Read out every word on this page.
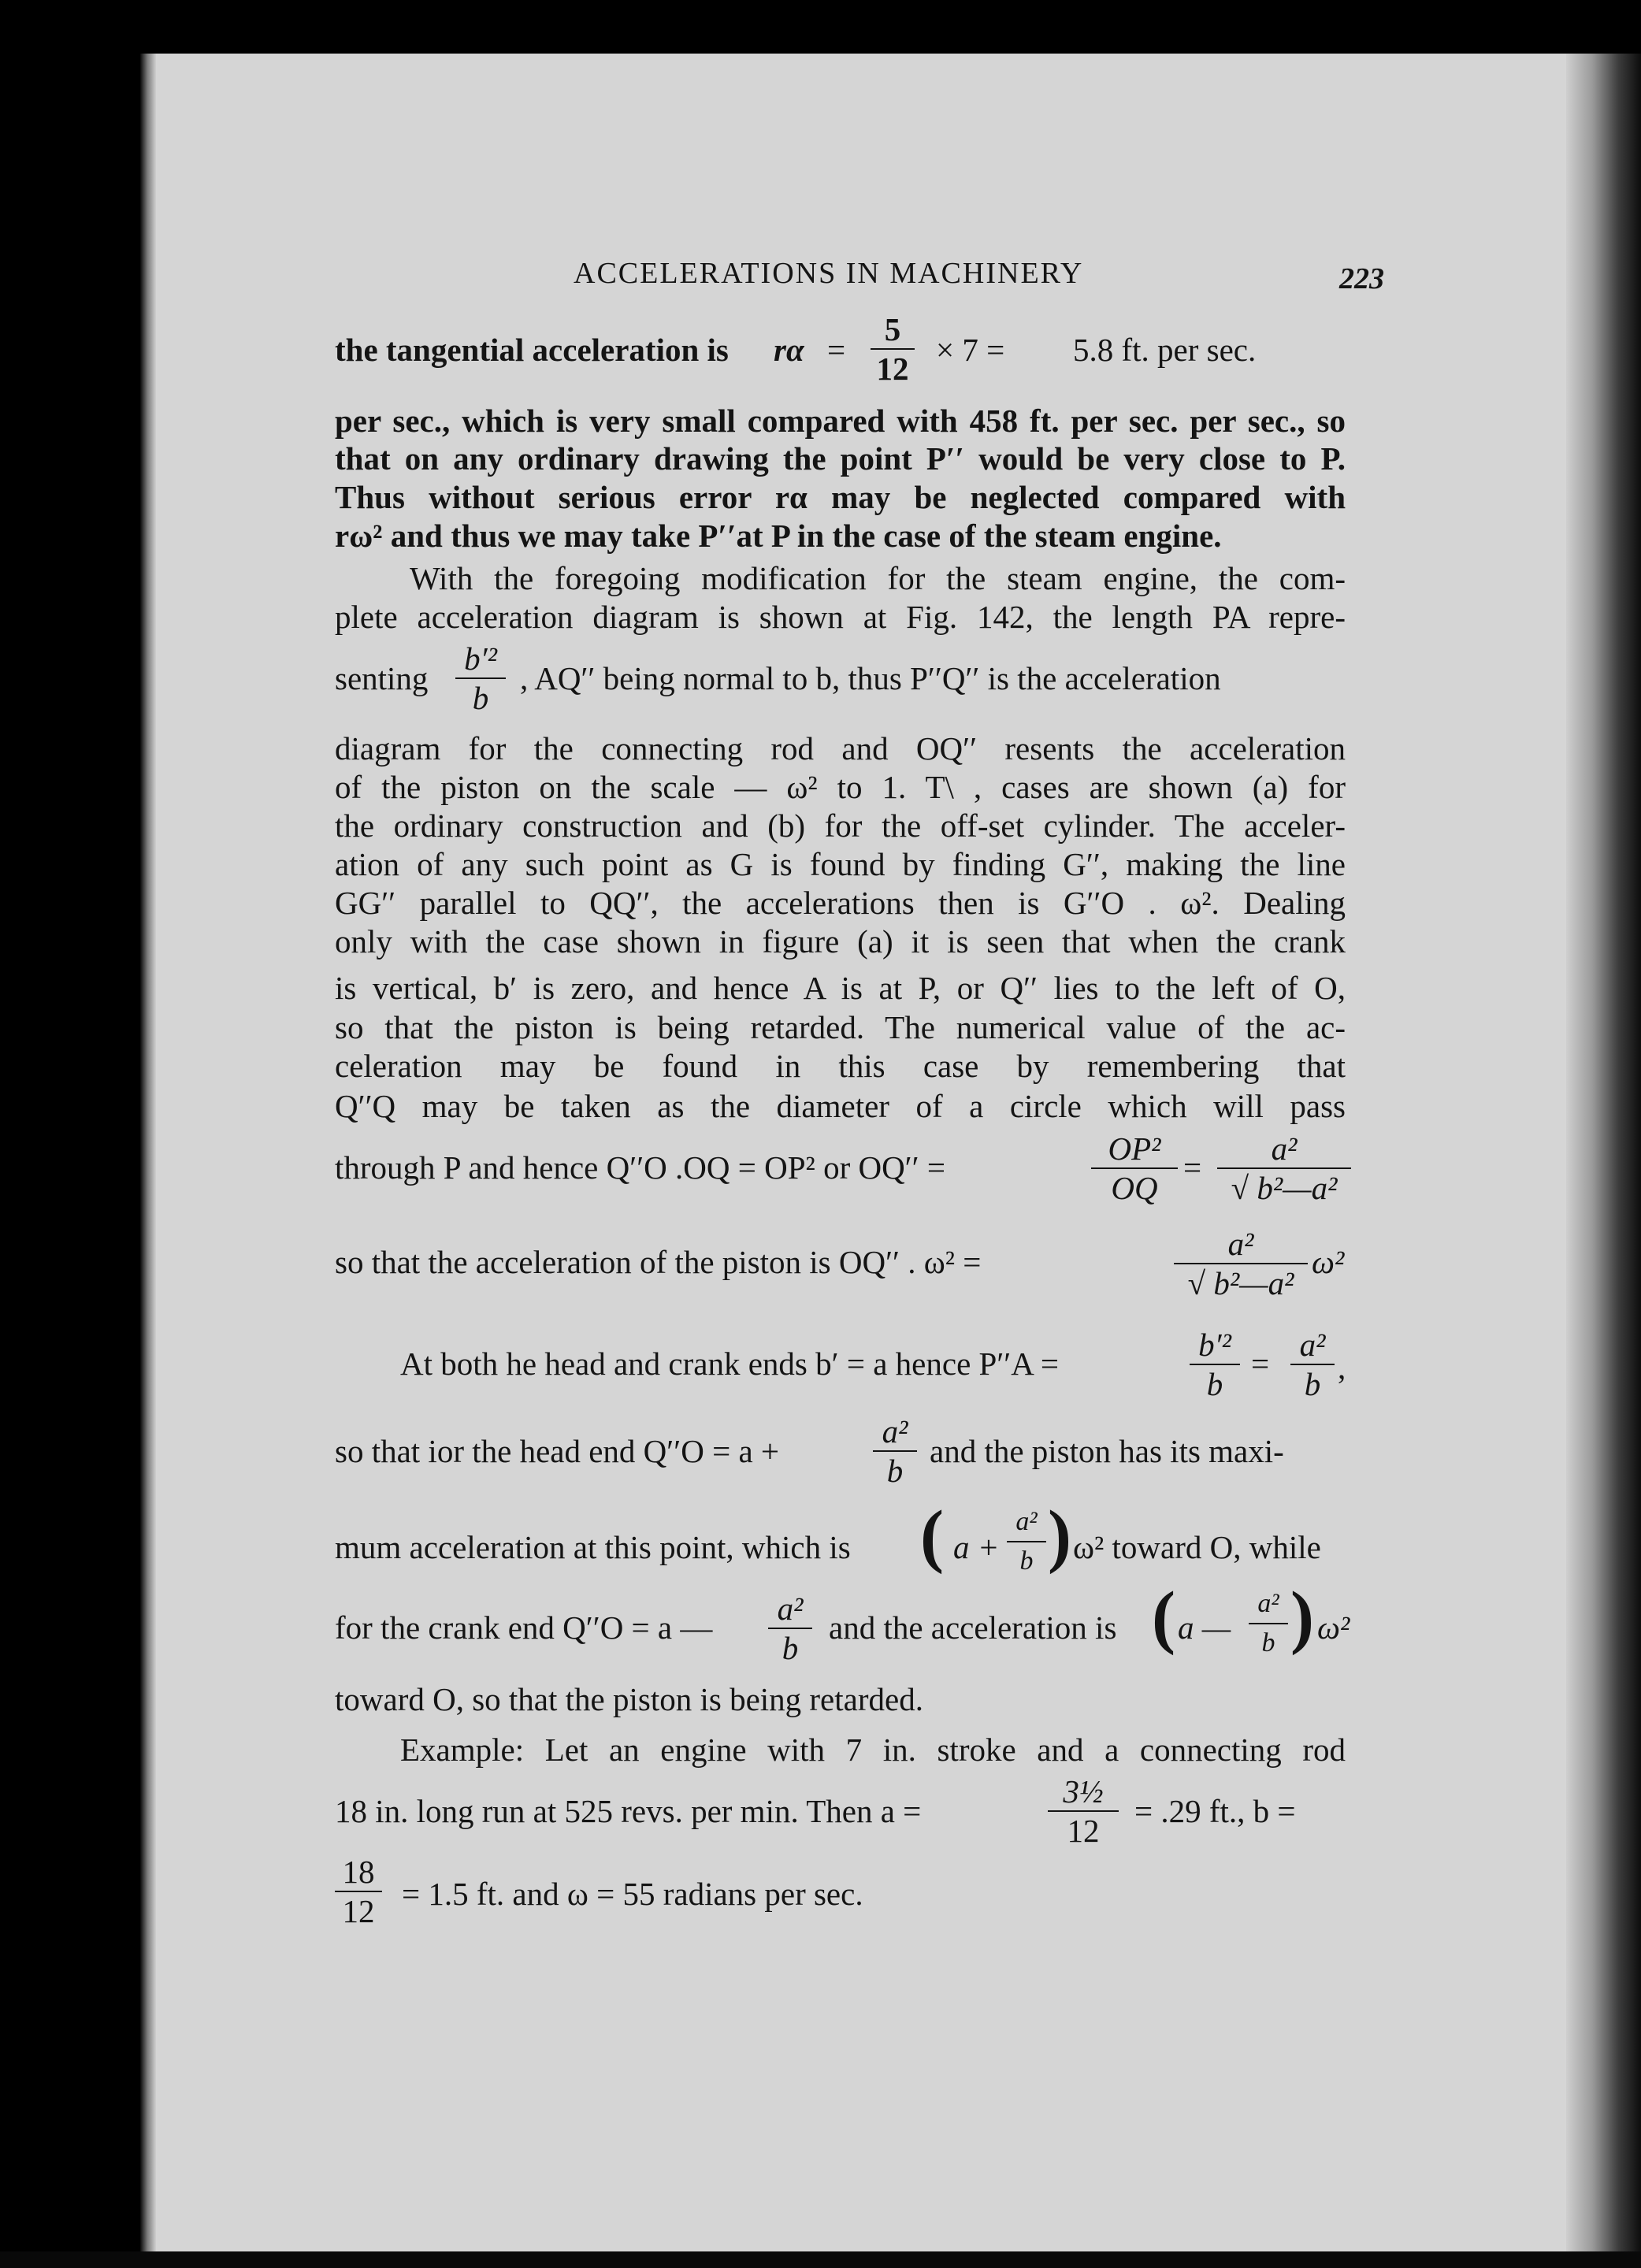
ACCELERATIONS IN MACHINERY	223
the tangential acceleration is $r\alpha = \frac{5}{12} \times 7 = 5.8$ ft. per sec.
per sec., which is very small compared with 458 ft. per sec. per sec., so
that on any ordinary drawing the point P′′ would be very close to P.
Thus without serious error rα may be neglected compared with
rω² and thus we may take P′′at P in the case of the steam engine.
With the foregoing modification for the steam engine, the com-
plete acceleration diagram is shown at Fig. 142, the length PA repre-
senting $\frac{\text{b′²}}{b}$ , AQ′′ being normal to b, thus P′′Q′′ is the acceleration
diagram for the connecting rod and OQ′′ resents the acceleration
of the piston on the scale — ω² to 1. T\ , cases are shown (a) for
the ordinary construction and (b) for the off-set cylinder. The acceler-
ation of any such point as G is found by finding G′′, making the line
GG′′ parallel to QQ′′, the accelerations then is G′′O . ω². Dealing
only with the case shown in figure (a) it is seen that when the crank
is vertical, b′ is zero, and hence A is at P, or Q′′ lies to the left of O,
so that the piston is being retarded. The numerical value of the ac-
celeration may be found in this case by remembering that
Q′′Q may be taken as the diameter of a circle which will pass
through P and hence Q′′O .OQ = OP² or OQ′′ =	$\frac{\text{OP²}}{OQ} = \frac{\text{a²}}{\text{√ b²—a²}}$
so that the acceleration of the piston is OQ′′ . ω² =	$\frac{\text{a²}}{\text{√ b²—a²}} \omega^2$
At both he head and crank ends b′ = a hence P′′A =	$\frac{\text{b′²}}{b} = \frac{\text{a²}}{b}$ ,
so that ior the head end Q′′O = a +	$\frac{\text{a²}}{b}$ and the piston has its maxi-
mum acceleration at this point, which is ( $a + \frac{\text{a²}}{b}$ ) ω² toward O, while
for the crank end Q′′O = a — $\frac{\text{a²}}{b}$ and the acceleration is ( a — $\frac{\text{a²}}{b}$ ) ω²
toward O, so that the piston is being retarded.
Example: Let an engine with 7 in. stroke and a connecting rod
18 in. long run at 525 revs. per min. Then a =	$\frac{\text{3½}}{12} = .29$ ft., b =
$\frac{18}{12} = 1.5$ ft. and ω = 55 radians per sec.
